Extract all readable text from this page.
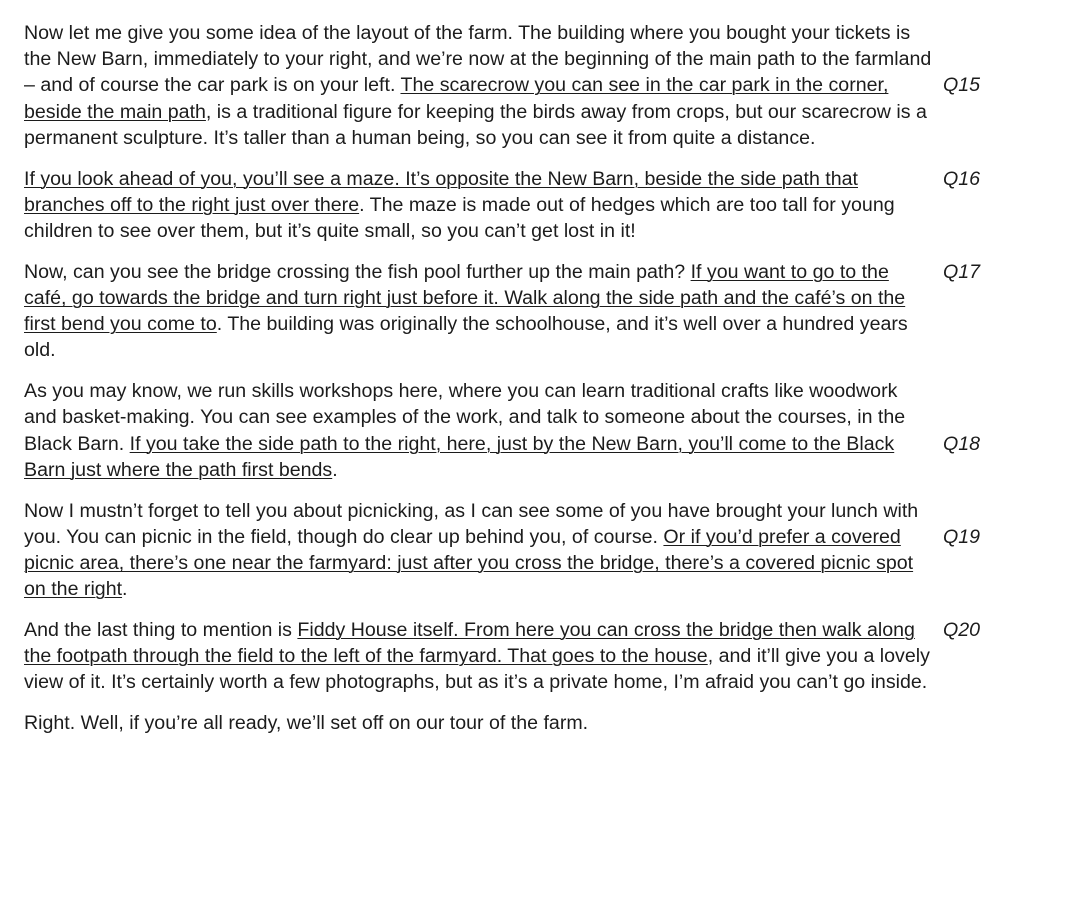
Now let me give you some idea of the layout of the farm. The building where you bought your tickets is the New Barn, immediately to your right, and we’re now at the beginning of the main path to the farmland – and of course the car park is on your left. The scarecrow you can see in the car park in the corner, beside the main path, is a traditional figure for keeping the birds away from crops, but our scarecrow is a permanent sculpture. It’s taller than a human being, so you can see it from quite a distance.
Q15

If you look ahead of you, you’ll see a maze. It’s opposite the New Barn, beside the side path that branches off to the right just over there. The maze is made out of hedges which are too tall for young children to see over them, but it’s quite small, so you can’t get lost in it!
Q16

Now, can you see the bridge crossing the fish pool further up the main path? If you want to go to the café, go towards the bridge and turn right just before it. Walk along the side path and the café’s on the first bend you come to. The building was originally the schoolhouse, and it’s well over a hundred years old.
Q17

As you may know, we run skills workshops here, where you can learn traditional crafts like woodwork and basket-making. You can see examples of the work, and talk to someone about the courses, in the Black Barn. If you take the side path to the right, here, just by the New Barn, you’ll come to the Black Barn just where the path first bends.
Q18

Now I mustn’t forget to tell you about picnicking, as I can see some of you have brought your lunch with you. You can picnic in the field, though do clear up behind you, of course. Or if you’d prefer a covered picnic area, there’s one near the farmyard: just after you cross the bridge, there’s a covered picnic spot on the right.
Q19

And the last thing to mention is Fiddy House itself. From here you can cross the bridge then walk along the footpath through the field to the left of the farmyard. That goes to the house, and it’ll give you a lovely view of it. It’s certainly worth a few photographs, but as it’s a private home, I’m afraid you can’t go inside.
Q20

Right. Well, if you’re all ready, we’ll set off on our tour of the farm.
